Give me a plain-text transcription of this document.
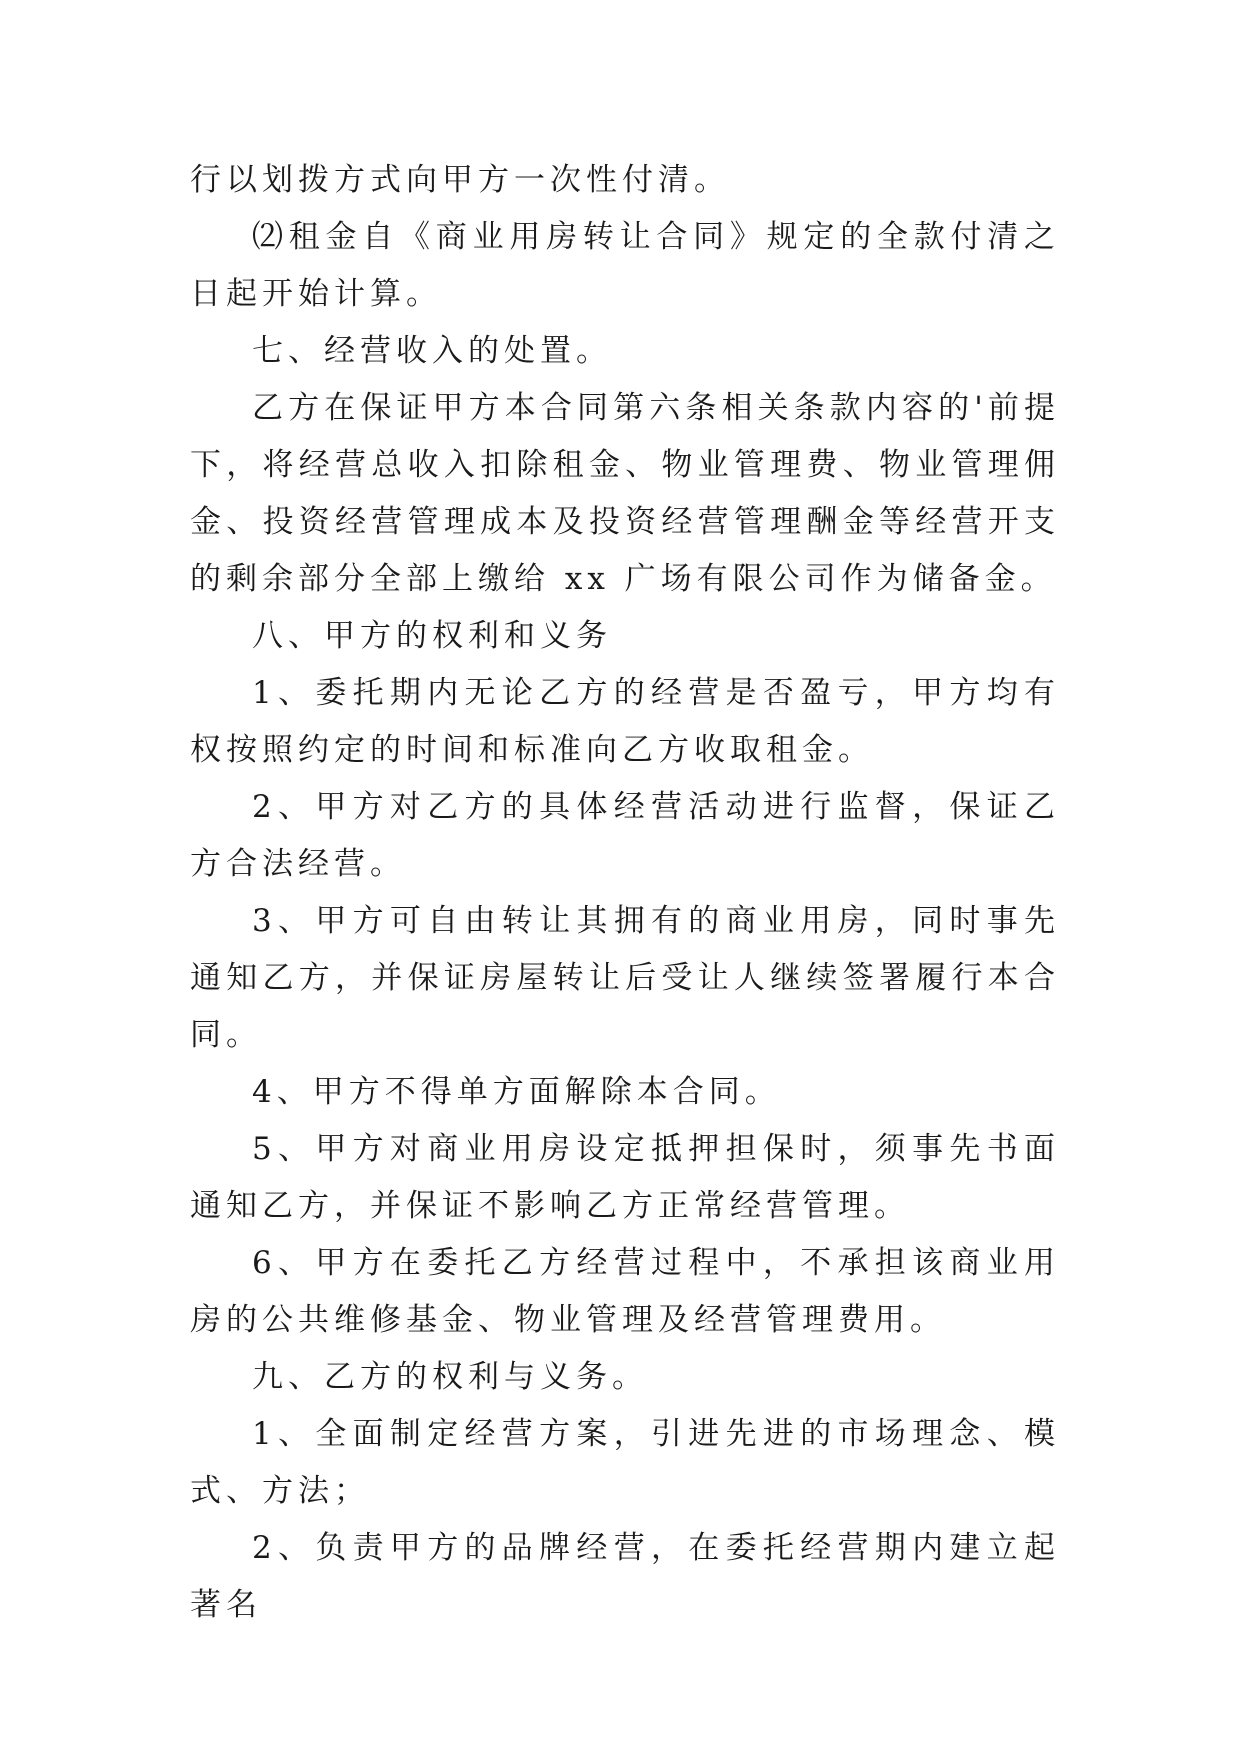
行以划拨方式向甲方一次性付清。

⑵租金自《商业用房转让合同》规定的全款付清之日起开始计算。

七、经营收入的处置。

乙方在保证甲方本合同第六条相关条款内容的'前提下，将经营总收入扣除租金、物业管理费、物业管理佣金、投资经营管理成本及投资经营管理酬金等经营开支的剩余部分全部上缴给 xx 广场有限公司作为储备金。

八、甲方的权利和义务

1、委托期内无论乙方的经营是否盈亏，甲方均有权按照约定的时间和标准向乙方收取租金。

2、甲方对乙方的具体经营活动进行监督，保证乙方合法经营。

3、甲方可自由转让其拥有的商业用房，同时事先通知乙方，并保证房屋转让后受让人继续签署履行本合同。

4、甲方不得单方面解除本合同。

5、甲方对商业用房设定抵押担保时，须事先书面通知乙方，并保证不影响乙方正常经营管理。

6、甲方在委托乙方经营过程中，不承担该商业用房的公共维修基金、物业管理及经营管理费用。

九、乙方的权利与义务。

1、全面制定经营方案，引进先进的市场理念、模式、方法；

2、负责甲方的品牌经营，在委托经营期内建立起著名
